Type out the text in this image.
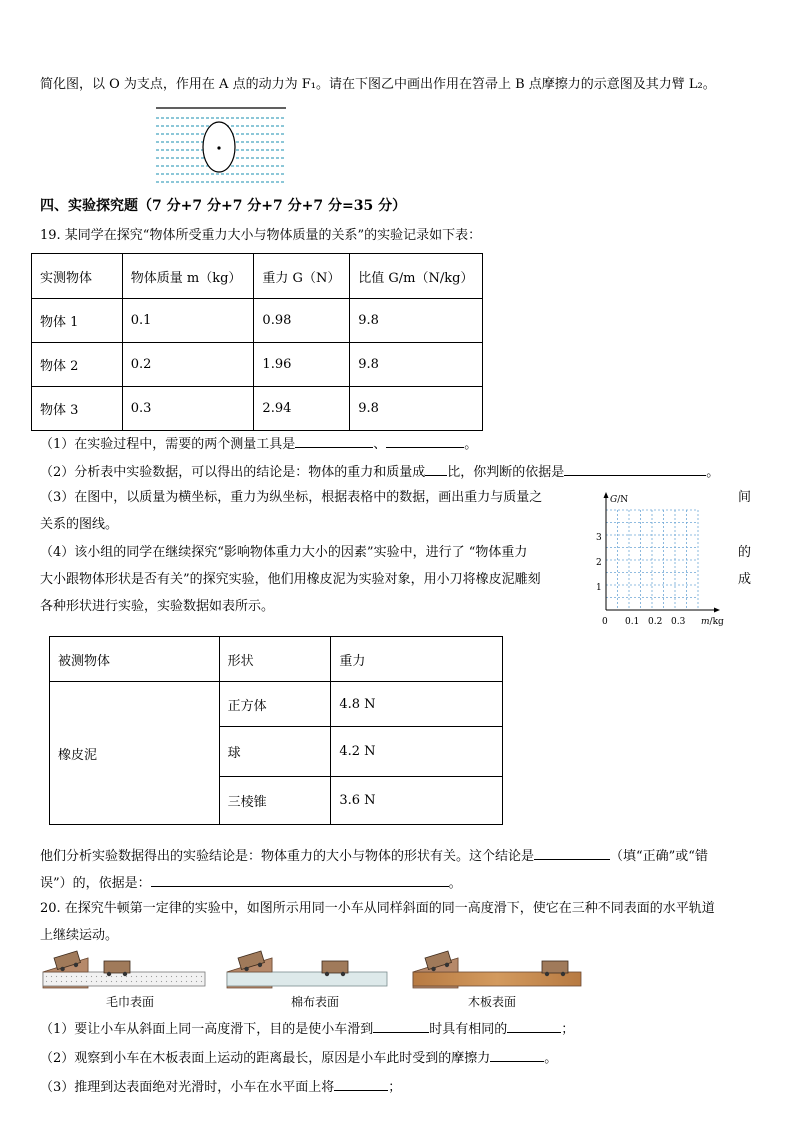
简化图，以 O 为支点，作用在 A 点的动力为 F₁。请在下图乙中画出作用在笤帚上 B 点摩擦力的示意图及其力臂 L₂。
四、实验探究题（7 分+7 分+7 分+7 分+7 分=35 分）
19. 某同学在探究“物体所受重力大小与物体质量的关系”的实验记录如下表：
实测物体	物体质量 m（kg）	重力 G（N）	比值 G/m（N/kg）
物体 1	0.1	0.98	9.8
物体 2	0.2	1.96	9.8
物体 3	0.3	2.94	9.8
（1）在实验过程中，需要的两个测量工具是	、	。
（2）分析表中实验数据，可以得出的结论是：物体的重力和质量成 比，你判断的依据是	。
（3）在图中，以质量为横坐标，重力为纵坐标，根据表格中的数据，画出重力与质量之	间
关系的图线。
（4）该小组的同学在继续探究“影响物体重力大小的因素”实验中，进行了 “物体重力	的
大小跟物体形状是否有关”的探究实验，他们用橡皮泥为实验对象，用小刀将橡皮泥雕刻	成
各种形状进行实验，实验数据如表所示。
G/N
1
2
3
0 0.1 0.2 0.3 m/kg
被测物体	形状	重力
橡皮泥	正方体	4.8 N
	球	4.2 N
	三棱锥	3.6 N
他们分析实验数据得出的实验结论是：物体重力的大小与物体的形状有关。这个结论是	（填“正确”或“错
误”）的，依据是：	。
20. 在探究牛顿第一定律的实验中，如图所示用同一小车从同样斜面的同一高度滑下，使它在三种不同表面的水平轨道
上继续运动。
毛巾表面	棉布表面	木板表面
（1）要让小车从斜面上同一高度滑下，目的是使小车滑到	时具有相同的	；
（2）观察到小车在木板表面上运动的距离最长，原因是小车此时受到的摩擦力	。
（3）推理到达表面绝对光滑时，小车在水平面上将	；
